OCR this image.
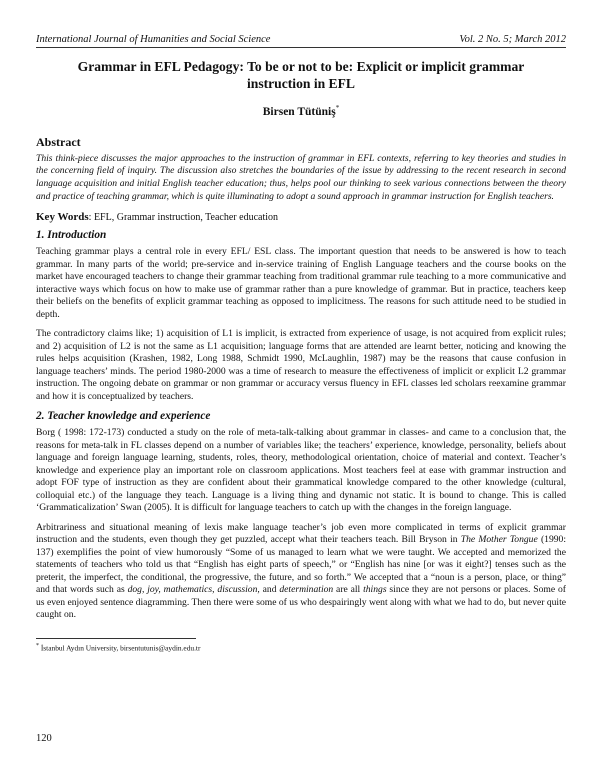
International Journal of Humanities and Social Science	Vol. 2 No. 5; March 2012
Grammar in EFL Pedagogy: To be or not to be: Explicit or implicit grammar instruction in EFL
Birsen Tütüniş*
Abstract

This think-piece discusses the major approaches to the instruction of grammar in EFL contexts, referring to key theories and studies in the concerning field of inquiry. The discussion also stretches the boundaries of the issue by addressing to the recent research in second language acquisition and initial English teacher education; thus, helps pool our thinking to seek various connections between the theory and practice of teaching grammar, which is quite illuminating to adopt a sound approach in grammar instruction for English teachers.

Key Words: EFL, Grammar instruction, Teacher education

1. Introduction

Teaching grammar plays a central role in every EFL/ ESL class. The important question that needs to be answered is how to teach grammar. In many parts of the world; pre-service and in-service training of English Language teachers and the course books on the market have encouraged teachers to change their grammar teaching from traditional grammar rule teaching to a more communicative and interactive ways which focus on how to make use of grammar rather than a pure knowledge of grammar. But in practice, teachers keep their beliefs on the benefits of explicit grammar teaching as opposed to implicitness. The reasons for such attitude need to be studied in depth.

The contradictory claims like; 1) acquisition of L1 is implicit, is extracted from experience of usage, is not acquired from explicit rules; and 2) acquisition of L2 is not the same as L1 acquisition; language forms that are attended are learnt better, noticing and knowing the rules helps acquisition (Krashen, 1982, Long 1988, Schmidt 1990, McLaughlin, 1987) may be the reasons that cause confusion in language teachers’ minds. The period 1980-2000 was a time of research to measure the effectiveness of implicit or explicit L2 grammar instruction. The ongoing debate on grammar or non grammar or accuracy versus fluency in EFL classes led scholars reexamine grammar and how it is conceptualized by teachers.

2. Teacher knowledge and experience

Borg ( 1998: 172-173) conducted a study on the role of meta-talk-talking about grammar in classes- and came to a conclusion that, the reasons for meta-talk in FL classes depend on a number of variables like; the teachers’ experience, knowledge, personality, beliefs about language and foreign language learning, students, roles, theory, methodological orientation, choice of material and context. Teacher’s knowledge and experience play an important role on classroom applications. Most teachers feel at ease with grammar instruction and adopt FOF type of instruction as they are confident about their grammatical knowledge compared to the other knowledge (cultural, colloquial etc.) of the language they teach. Language is a living thing and dynamic not static. It is bound to change. This is called ‘Grammaticalization’ Swan (2005). It is difficult for language teachers to catch up with the changes in the foreign language.

Arbitrariness and situational meaning of lexis make language teacher’s job even more complicated in terms of explicit grammar instruction and the students, even though they get puzzled, accept what their teachers teach. Bill Bryson in The Mother Tongue (1990: 137) exemplifies the point of view humorously “Some of us managed to learn what we were taught. We accepted and memorized the statements of teachers who told us that “English has eight parts of speech,” or “English has nine [or was it eight?] tenses such as the preterit, the imperfect, the conditional, the progressive, the future, and so forth.” We accepted that a “noun is a person, place, or thing” and that words such as dog, joy, mathematics, discussion, and determination are all things since they are not persons or places. Some of us even enjoyed sentence diagramming. Then there were some of us who despairingly went along with what we had to do, but never quite caught on.

* İstanbul Aydın University, birsentutunis@aydin.edu.tr
120
